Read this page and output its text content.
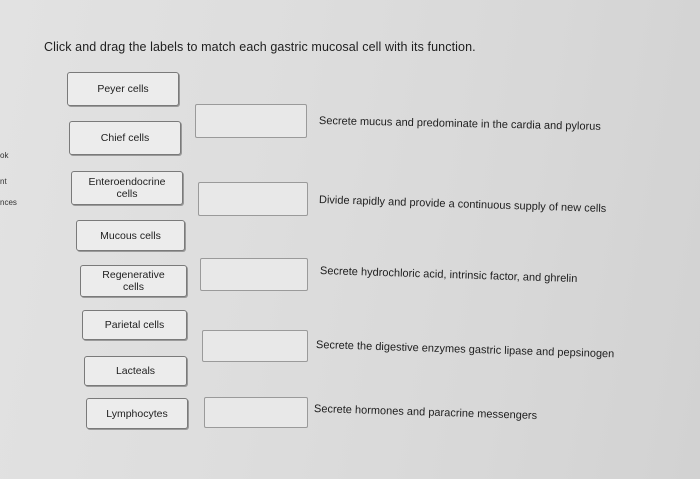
Click and drag the labels to match each gastric mucosal cell with its function.
ok
nt
nces
Peyer cells
Chief cells
Enteroendocrine
cells
Mucous cells
Regenerative
cells
Parietal cells
Lacteals
Lymphocytes
Secrete mucus and predominate in the cardia and pylorus
Divide rapidly and provide a continuous supply of new cells
Secrete hydrochloric acid, intrinsic factor, and ghrelin
Secrete the digestive enzymes gastric lipase and pepsinogen
Secrete hormones and paracrine messengers
